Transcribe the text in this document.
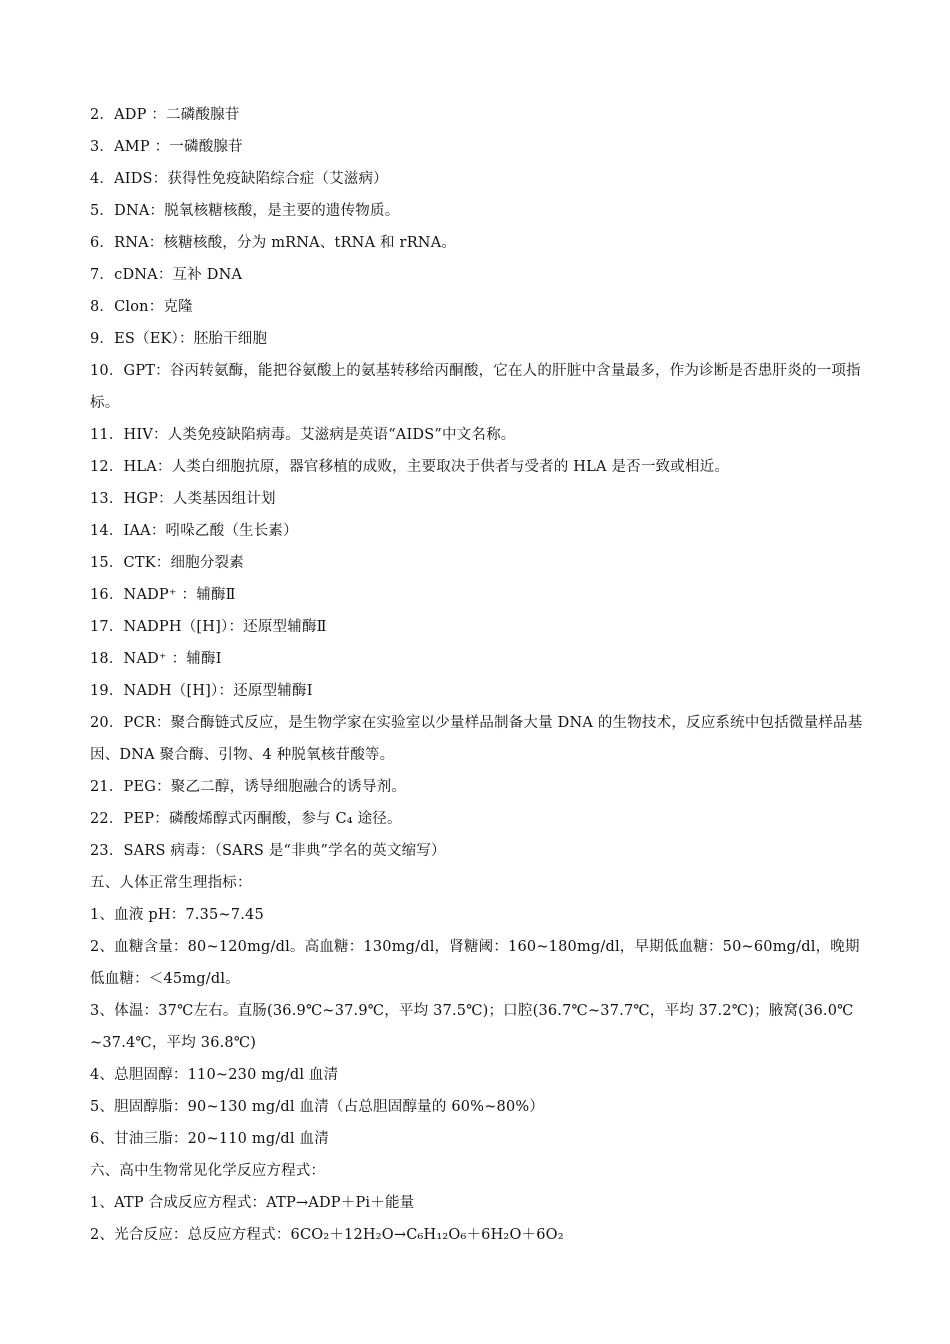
2．ADP ：二磷酸腺苷
3．AMP ：一磷酸腺苷
4．AIDS：获得性免疫缺陷综合症（艾滋病）
5．DNA：脱氧核糖核酸，是主要的遗传物质。
6．RNA：核糖核酸，分为 mRNA、tRNA 和 rRNA。
7．cDNA：互补 DNA
8．Clon：克隆
9．ES（EK）：胚胎干细胞
10．GPT：谷丙转氨酶，能把谷氨酸上的氨基转移给丙酮酸，它在人的肝脏中含量最多，作为诊断是否患肝炎的一项指标。
11．HIV：人类免疫缺陷病毒。艾滋病是英语“AIDS”中文名称。
12．HLA：人类白细胞抗原，器官移植的成败，主要取决于供者与受者的 HLA 是否一致或相近。
13．HGP：人类基因组计划
14．IAA：吲哚乙酸（生长素）
15．CTK：细胞分裂素
16．NADP⁺ ：辅酶Ⅱ
17．NADPH（[H]）：还原型辅酶Ⅱ
18．NAD⁺ ：辅酶Ⅰ
19．NADH（[H]）：还原型辅酶Ⅰ
20．PCR：聚合酶链式反应，是生物学家在实验室以少量样品制备大量 DNA 的生物技术，反应系统中包括微量样品基因、DNA 聚合酶、引物、4 种脱氧核苷酸等。
21．PEG：聚乙二醇，诱导细胞融合的诱导剂。
22．PEP：磷酸烯醇式丙酮酸，参与 C₄ 途径。
23．SARS 病毒：（SARS 是“非典”学名的英文缩写）
五、人体正常生理指标：
1、血液 pH：7.35~7.45
2、血糖含量：80~120mg/dl。高血糖：130mg/dl，肾糖阈：160~180mg/dl，早期低血糖：50~60mg/dl，晚期低血糖：＜45mg/dl。
3、体温：37℃左右。直肠(36.9℃~37.9℃，平均 37.5℃)；口腔(36.7℃~37.7℃，平均 37.2℃)；腋窝(36.0℃~37.4℃，平均 36.8℃)
4、总胆固醇：110~230 mg/dl 血清
5、胆固醇脂：90~130 mg/dl 血清（占总胆固醇量的 60%~80%）
6、甘油三脂：20~110 mg/dl 血清
六、高中生物常见化学反应方程式：
1、ATP 合成反应方程式：ATP→ADP＋Pi＋能量
2、光合反应：总反应方程式：6CO₂＋12H₂O→C₆H₁₂O₆＋6H₂O＋6O₂
